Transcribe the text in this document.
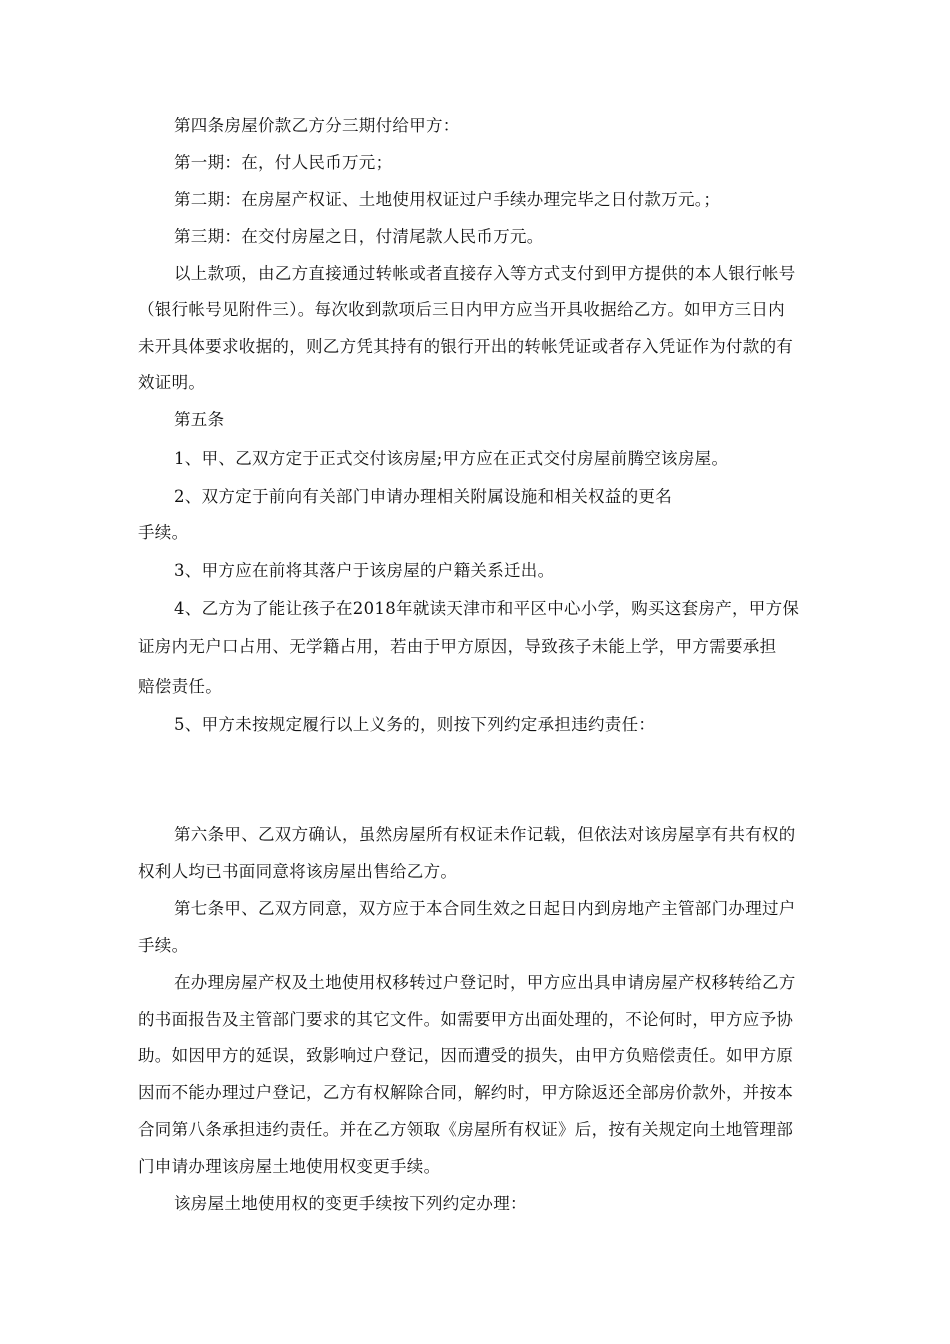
第四条房屋价款乙方分三期付给甲方：
第一期：在，付人民币万元；
第二期：在房屋产权证、土地使用权证过户手续办理完毕之日付款万元。；
第三期：在交付房屋之日，付清尾款人民币万元。
以上款项，由乙方直接通过转帐或者直接存入等方式支付到甲方提供的本人银行帐号
（银行帐号见附件三）。每次收到款项后三日内甲方应当开具收据给乙方。如甲方三日内
未开具体要求收据的，则乙方凭其持有的银行开出的转帐凭证或者存入凭证作为付款的有
效证明。
第五条
1、甲、乙双方定于正式交付该房屋;甲方应在正式交付房屋前腾空该房屋。
2、双方定于前向有关部门申请办理相关附属设施和相关权益的更名
手续。
3、甲方应在前将其落户于该房屋的户籍关系迁出。
4、乙方为了能让孩子在2018年就读天津市和平区中心小学，购买这套房产，甲方保
证房内无户口占用、无学籍占用，若由于甲方原因，导致孩子未能上学，甲方需要承担
赔偿责任。
5、甲方未按规定履行以上义务的，则按下列约定承担违约责任：
第六条甲、乙双方确认，虽然房屋所有权证未作记载，但依法对该房屋享有共有权的
权利人均已书面同意将该房屋出售给乙方。
第七条甲、乙双方同意，双方应于本合同生效之日起日内到房地产主管部门办理过户
手续。
在办理房屋产权及土地使用权移转过户登记时，甲方应出具申请房屋产权移转给乙方
的书面报告及主管部门要求的其它文件。如需要甲方出面处理的，不论何时，甲方应予协
助。如因甲方的延误，致影响过户登记，因而遭受的损失，由甲方负赔偿责任。如甲方原
因而不能办理过户登记，乙方有权解除合同，解约时，甲方除返还全部房价款外，并按本
合同第八条承担违约责任。并在乙方领取《房屋所有权证》后，按有关规定向土地管理部
门申请办理该房屋土地使用权变更手续。
该房屋土地使用权的变更手续按下列约定办理：
